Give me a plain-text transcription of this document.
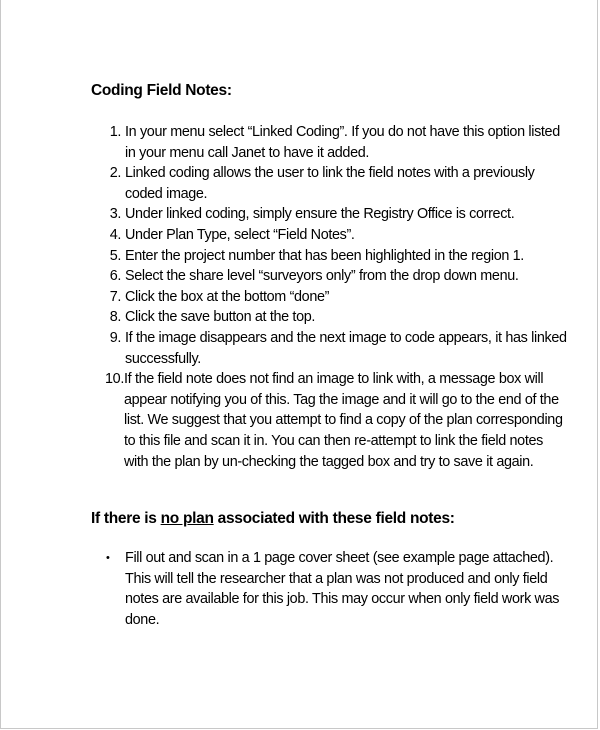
Coding Field Notes:
1. In your menu select “Linked Coding”. If you do not have this option listed
in your menu call Janet to have it added.
2. Linked coding allows the user to link the field notes with a previously
coded image.
3. Under linked coding, simply ensure the Registry Office is correct.
4. Under Plan Type, select “Field Notes”.
5. Enter the project number that has been highlighted in the region 1.
6. Select the share level “surveyors only” from the drop down menu.
7. Click the box at the bottom “done”
8. Click the save button at the top.
9. If the image disappears and the next image to code appears, it has linked
successfully.
10. If the field note does not find an image to link with, a message box will
appear notifying you of this. Tag the image and it will go to the end of the
list. We suggest that you attempt to find a copy of the plan corresponding
to this file and scan it in. You can then re-attempt to link the field notes
with the plan by un-checking the tagged box and try to save it again.
If there is no plan associated with these field notes:
• Fill out and scan in a 1 page cover sheet (see example page attached).
This will tell the researcher that a plan was not produced and only field
notes are available for this job. This may occur when only field work was
done.
